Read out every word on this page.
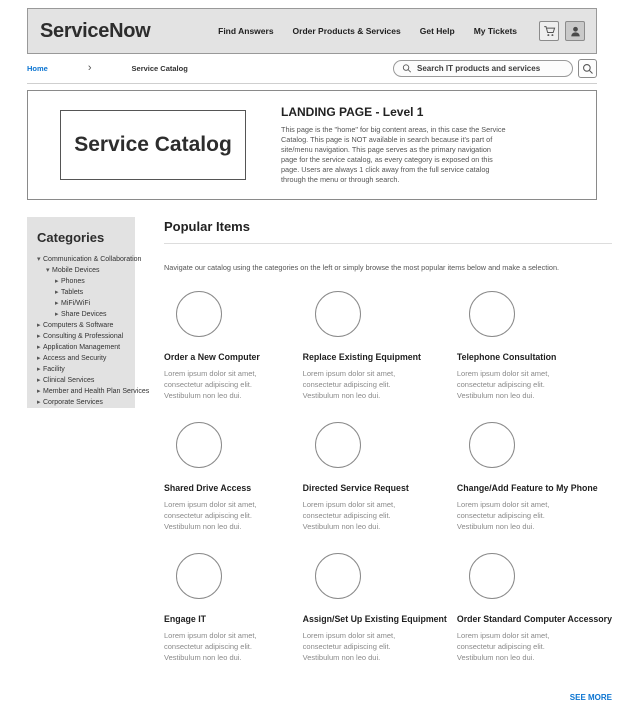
ServiceNow	Find Answers Order Products & Services Get Help My Tickets
Home	›	Service Catalog
Search IT products and services
Service Catalog
LANDING PAGE - Level 1

This page is the "home" for big content areas, in this case the Service Catalog. This page is NOT available in search because it's part of site/menu navigation. This page serves as the primary navigation page for the service catalog, as every category is exposed on this page. Users are always 1 click away from the full service catalog through the menu or through search.

Categories
▾ Communication & Collaboration
▾ Mobile Devices
▸ Phones
▸ Tablets
▸ MiFi/WiFi
▸ Share Devices
▸ Computers & Software
▸ Consulting & Professional
▸ Application Management
▸ Access and Security
▸ Facility
▸ Clinical Services
▸ Member and Health Plan Services
▸ Corporate Services
Popular Items

Navigate our catalog using the categories on the left or simply browse the most popular items below and make a selection.

Order a New Computer

Lorem ipsum dolor sit amet, consectetur adipiscing elit. Vestibulum non leo dui.

Replace Existing Equipment

Lorem ipsum dolor sit amet, consectetur adipiscing elit. Vestibulum non leo dui.

Telephone Consultation

Lorem ipsum dolor sit amet, consectetur adipiscing elit. Vestibulum non leo dui.

Shared Drive Access

Lorem ipsum dolor sit amet, consectetur adipiscing elit. Vestibulum non leo dui.

Directed Service Request

Lorem ipsum dolor sit amet, consectetur adipiscing elit. Vestibulum non leo dui.

Change/Add Feature to My Phone

Lorem ipsum dolor sit amet, consectetur adipiscing elit. Vestibulum non leo dui.

Engage IT

Lorem ipsum dolor sit amet, consectetur adipiscing elit. Vestibulum non leo dui.

Assign/Set Up Existing Equipment

Lorem ipsum dolor sit amet, consectetur adipiscing elit. Vestibulum non leo dui.

Order Standard Computer Accessory

Lorem ipsum dolor sit amet, consectetur adipiscing elit. Vestibulum non leo dui.

SEE MORE
